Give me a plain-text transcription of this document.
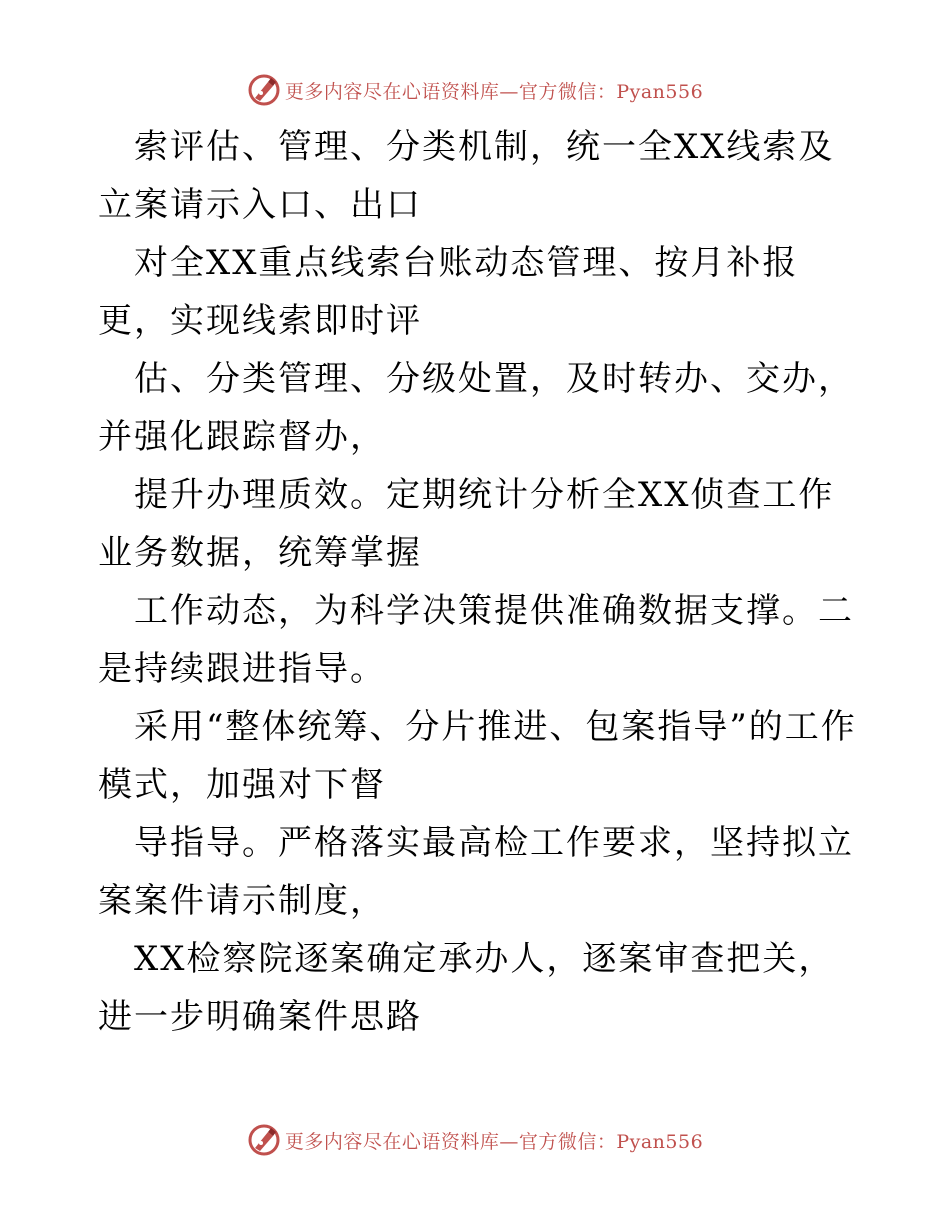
更多内容尽在心语资料库—官方微信：Pyan556

　索评估、管理、分类机制，统一全XX线索及立案请示入口、出口

　对全XX重点线索台账动态管理、按月补报更，实现线索即时评

　估、分类管理、分级处置，及时转办、交办，并强化跟踪督办，

　提升办理质效。定期统计分析全XX侦查工作业务数据，统筹掌握

　工作动态，为科学决策提供准确数据支撑。二是持续跟进指导。

　采用“整体统筹、分片推进、包案指导”的工作模式，加强对下督

　导指导。严格落实最高检工作要求，坚持拟立案案件请示制度，

　XX检察院逐案确定承办人，逐案审查把关，进一步明确案件思路

更多内容尽在心语资料库—官方微信：Pyan556
